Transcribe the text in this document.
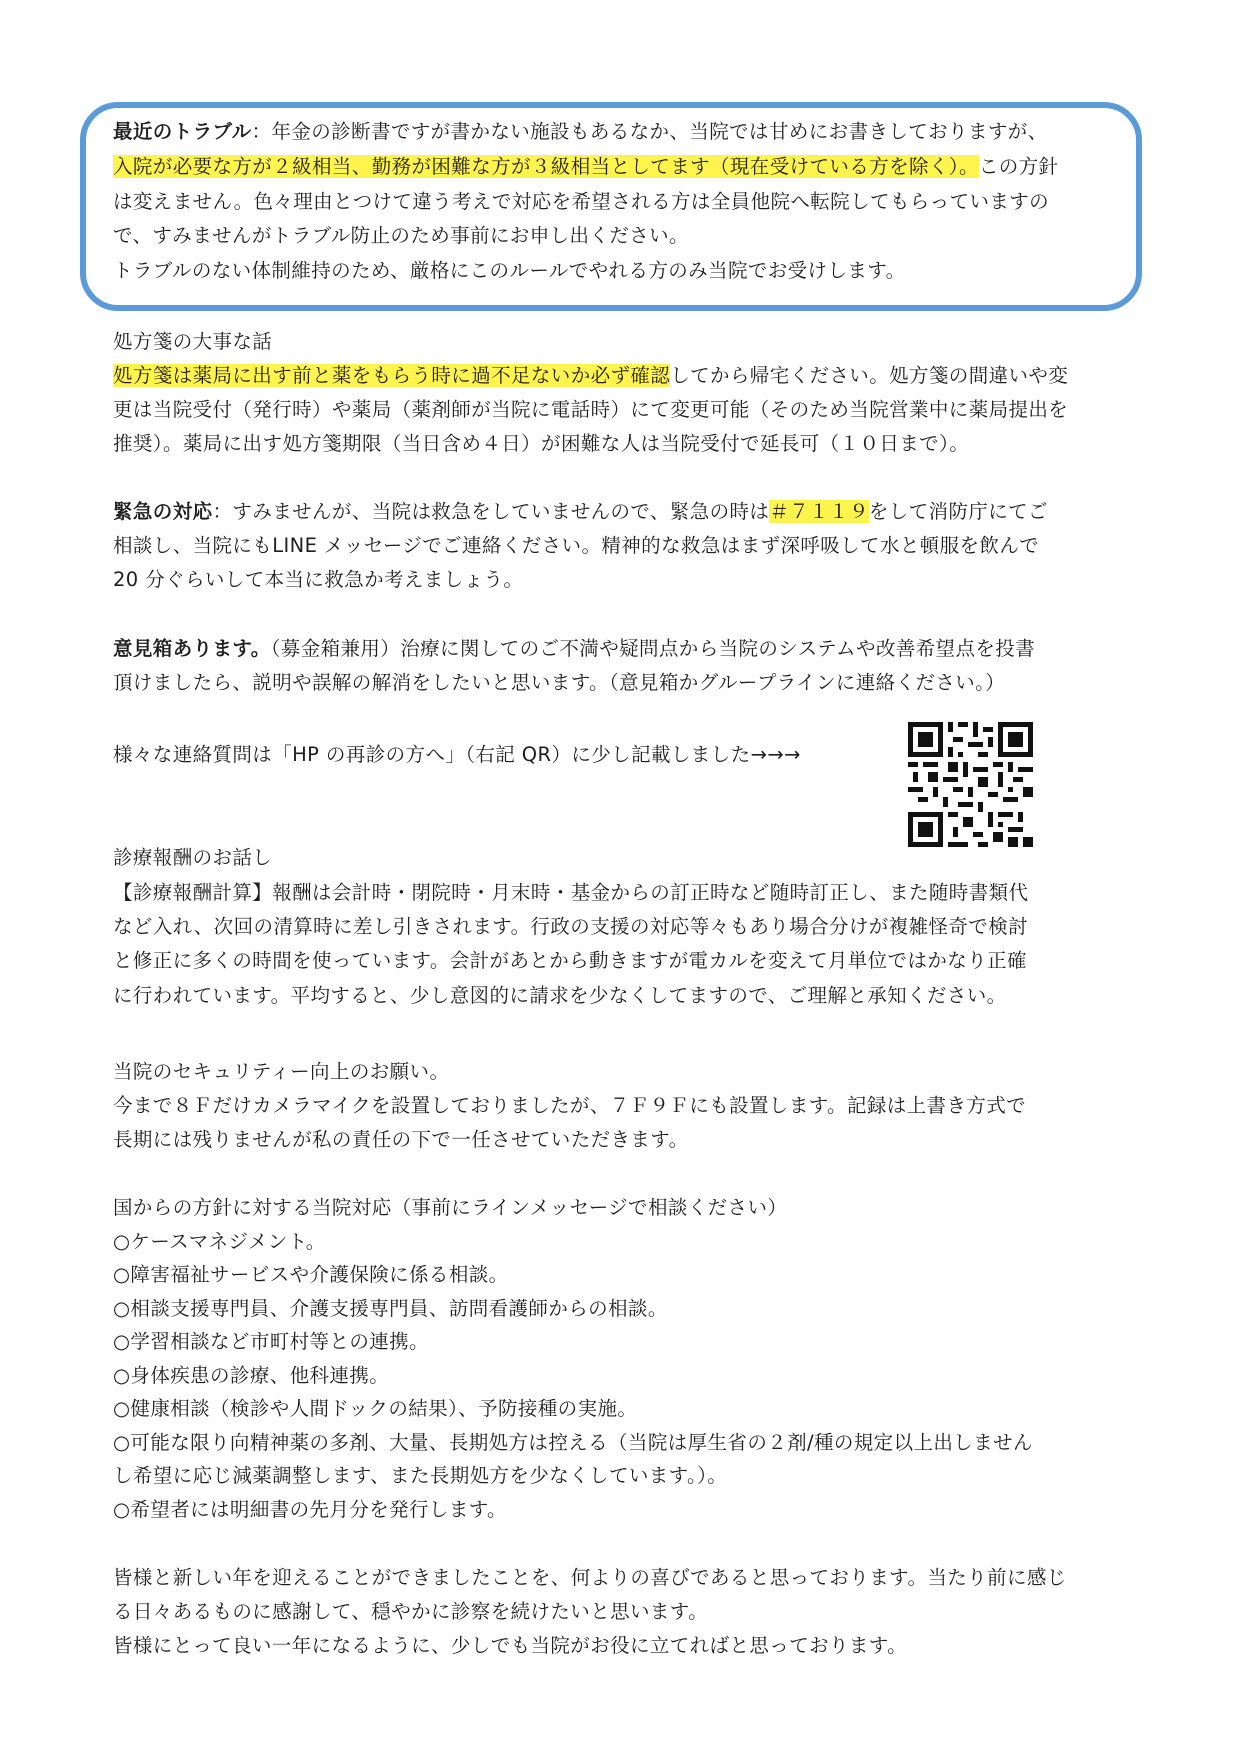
最近のトラブル：年金の診断書ですが書かない施設もあるなか、当院では甘めにお書きしておりますが、

入院が必要な方が２級相当、勤務が困難な方が３級相当としてます（現在受けている方を除く）。この方針

は変えません。色々理由とつけて違う考えで対応を希望される方は全員他院へ転院してもらっていますの

で、すみませんがトラブル防止のため事前にお申し出ください。

トラブルのない体制維持のため、厳格にこのルールでやれる方のみ当院でお受けします。

処方箋の大事な話

処方箋は薬局に出す前と薬をもらう時に過不足ないか必ず確認してから帰宅ください。処方箋の間違いや変

更は当院受付（発行時）や薬局（薬剤師が当院に電話時）にて変更可能（そのため当院営業中に薬局提出を

推奨）。薬局に出す処方箋期限（当日含め４日）が困難な人は当院受付で延長可（１０日まで）。

緊急の対応：すみませんが、当院は救急をしていませんので、緊急の時は＃７１１９をして消防庁にてご

相談し、当院にもLINE メッセージでご連絡ください。精神的な救急はまず深呼吸して水と頓服を飲んで

20 分ぐらいして本当に救急か考えましょう。

意見箱あります。（募金箱兼用）治療に関してのご不満や疑問点から当院のシステムや改善希望点を投書

頂けましたら、説明や誤解の解消をしたいと思います。（意見箱かグループラインに連絡ください。）

様々な連絡質問は「HP の再診の方へ」（右記 QR）に少し記載しました→→→

診療報酬のお話し

【診療報酬計算】報酬は会計時・閉院時・月末時・基金からの訂正時など随時訂正し、また随時書類代

など入れ、次回の清算時に差し引きされます。行政の支援の対応等々もあり場合分けが複雑怪奇で検討

と修正に多くの時間を使っています。会計があとから動きますが電カルを変えて月単位ではかなり正確

に行われています。平均すると、少し意図的に請求を少なくしてますので、ご理解と承知ください。

当院のセキュリティー向上のお願い。

今まで８Ｆだけカメラマイクを設置しておりましたが、７Ｆ９Ｆにも設置します。記録は上書き方式で

長期には残りませんが私の責任の下で一任させていただきます。

国からの方針に対する当院対応（事前にラインメッセージで相談ください）

○ケースマネジメント。

○障害福祉サービスや介護保険に係る相談。

○相談支援専門員、介護支援専門員、訪問看護師からの相談。

○学習相談など市町村等との連携。

○身体疾患の診療、他科連携。

○健康相談（検診や人間ドックの結果）、予防接種の実施。

○可能な限り向精神薬の多剤、大量、長期処方は控える（当院は厚生省の２剤/種の規定以上出しません

し希望に応じ減薬調整します、また長期処方を少なくしています。）。

○希望者には明細書の先月分を発行します。

皆様と新しい年を迎えることができましたことを、何よりの喜びであると思っております。当たり前に感じ

る日々あるものに感謝して、穏やかに診察を続けたいと思います。

皆様にとって良い一年になるように、少しでも当院がお役に立てればと思っております。
